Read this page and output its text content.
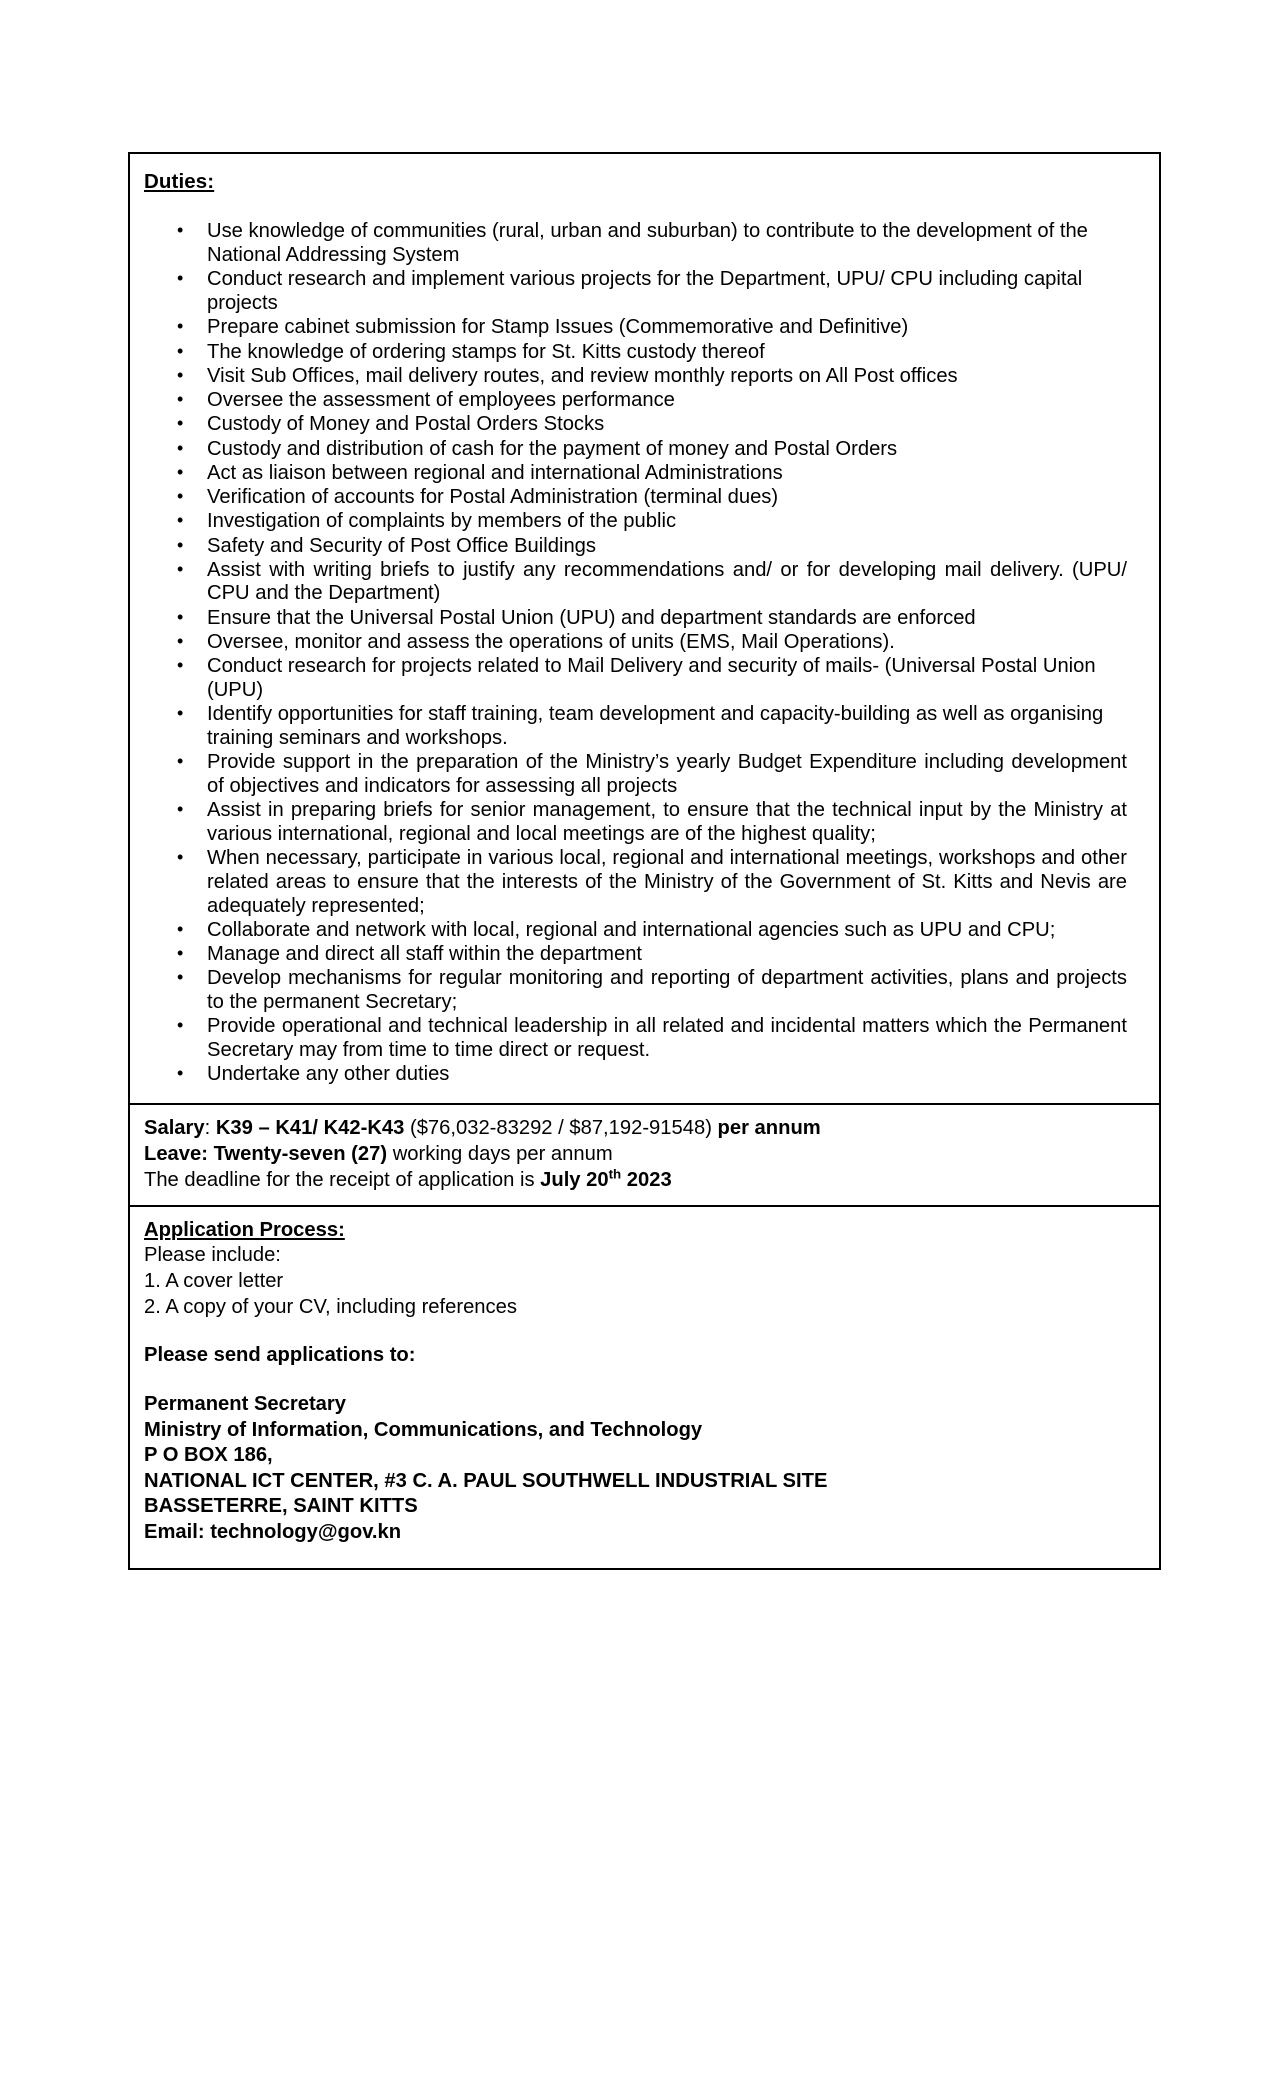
Duties:
• Use knowledge of communities (rural, urban and suburban) to contribute to the development of the National Addressing System
• Conduct research and implement various projects for the Department, UPU/ CPU including capital projects
• Prepare cabinet submission for Stamp Issues (Commemorative and Definitive)
• The knowledge of ordering stamps for St. Kitts custody thereof
• Visit Sub Offices, mail delivery routes, and review monthly reports on All Post offices
• Oversee the assessment of employees performance
• Custody of Money and Postal Orders Stocks
• Custody and distribution of cash for the payment of money and Postal Orders
• Act as liaison between regional and international Administrations
• Verification of accounts for Postal Administration (terminal dues)
• Investigation of complaints by members of the public
• Safety and Security of Post Office Buildings
• Assist with writing briefs to justify any recommendations and/ or for developing mail delivery. (UPU/ CPU and the Department)
• Ensure that the Universal Postal Union (UPU) and department standards are enforced
• Oversee, monitor and assess the operations of units (EMS, Mail Operations).
• Conduct research for projects related to Mail Delivery and security of mails- (Universal Postal Union (UPU)
• Identify opportunities for staff training, team development and capacity-building as well as organising training seminars and workshops.
• Provide support in the preparation of the Ministry’s yearly Budget Expenditure including development of objectives and indicators for assessing all projects
• Assist in preparing briefs for senior management, to ensure that the technical input by the Ministry at various international, regional and local meetings are of the highest quality;
• When necessary, participate in various local, regional and international meetings, workshops and other related areas to ensure that the interests of the Ministry of the Government of St. Kitts and Nevis are adequately represented;
• Collaborate and network with local, regional and international agencies such as UPU and CPU;
• Manage and direct all staff within the department
• Develop mechanisms for regular monitoring and reporting of department activities, plans and projects to the permanent Secretary;
• Provide operational and technical leadership in all related and incidental matters which the Permanent Secretary may from time to time direct or request.
• Undertake any other duties
Salary: K39 – K41/ K42-K43 ($76,032-83292 / $87,192-91548) per annum
Leave: Twenty-seven (27) working days per annum
The deadline for the receipt of application is July 20th 2023
Application Process:
Please include:
1. A cover letter
2. A copy of your CV, including references
Please send applications to:
Permanent Secretary
Ministry of Information, Communications, and Technology
P O BOX 186,
NATIONAL ICT CENTER, #3 C. A. PAUL SOUTHWELL INDUSTRIAL SITE
BASSETERRE, SAINT KITTS
Email: technology@gov.kn
